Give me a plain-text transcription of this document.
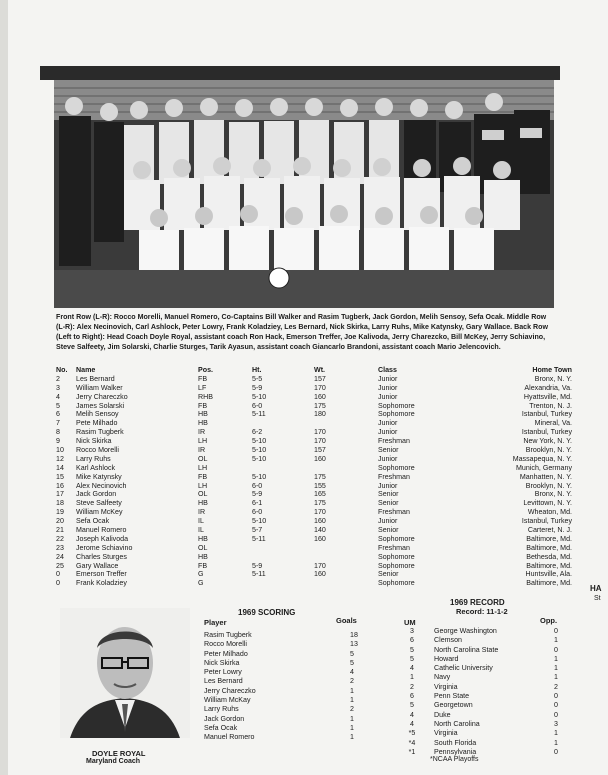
Front Row (L-R): Rocco Morelli, Manuel Romero, Co-Captains Bill Walker and Rasim Tugberk, Jack Gordon, Melih Sensoy, Sefa Ocak. Middle Row (L-R): Alex Necinovich, Carl Ashlock, Peter Lowry, Frank Koladziey, Les Bernard, Nick Skirka, Larry Ruhs, Mike Katynsky, Gary Wallace. Back Row (Left to Right): Head Coach Doyle Royal, assistant coach Ron Hack, Emerson Treffer, Joe Kalivoda, Jerry Charezcko, Bill McKey, Jerry Schiavino, Steve Salfeety, Jim Solarski, Charlie Sturges, Tarik Ayasun, assistant coach Giancarlo Brandoni, assistant coach Mario Jelencovich.
No.	Name	Pos.	Ht.	Wt.	Class	Home Town
2	Les Bernard	FB	5-5	157	Junior	Bronx, N. Y.
3	William Walker	LF	5-9	170	Junior	Alexandria, Va.
4	Jerry Chareczko	RHB	5-10	160	Junior	Hyattsville, Md.
5	James Solarski	FB	6-0	175	Sophomore	Trenton, N. J.
6	Melih Sensoy	HB	5-11	180	Sophomore	Istanbul, Turkey
7	Pete Milhado	HB	Junior	Mineral, Va.
8	Rasim Tugberk	IR	6-2	170	Junior	Istanbul, Turkey
9	Nick Skirka	LH	5-10	170	Freshman	New York, N. Y.
10	Rocco Morelli	IR	5-10	157	Senior	Brooklyn, N. Y.
12	Larry Ruhs	OL	5-10	160	Junior	Massapequa, N. Y.
14	Karl Ashlock	LH	Sophomore	Munich, Germany
15	Mike Katynsky	FB	5-10	175	Freshman	Manhatten, N. Y.
16	Alex Necinovich	LH	6-0	155	Junior	Brooklyn, N. Y.
17	Jack Gordon	OL	5-9	165	Senior	Bronx, N. Y.
18	Steve Salfeety	HB	6-1	175	Senior	Levittown, N. Y.
19	William McKey	IR	6-0	170	Freshman	Wheaton, Md.
20	Sefa Ocak	IL	5-10	160	Junior	Istanbul, Turkey
21	Manuel Romero	IL	5-7	140	Senior	Carteret, N. J.
22	Joseph Kalivoda	HB	5-11	160	Sophomore	Baltimore, Md.
23	Jerome Schiavino	OL	Freshman	Baltimore, Md.
24	Charles Sturges	HB	Sophomore	Bethesda, Md.
25	Gary Wallace	FB	5-9	170	Sophomore	Baltimore, Md.
0	Emerson Treffer	G	5-11	160	Senior	Huntsville, Ala.
0	Frank Koladziey	G	Sophomore	Baltimore, Md.
HA
St
DOYLE ROYAL
Maryland Coach
1969 SCORING
Player	Goals
Rasim Tugberk	18
Rocco Morelli	13
Peter Milhado	5
Nick Skirka	5
Peter Lowry	4
Les Bernard	2
Jerry Chareczko	1
William McKay	1
Larry Ruhs	2
Jack Gordon	1
Sefa Ocak	1
Manuel Romero	1
1969 RECORD
Record: 11-1-2
UM	Opp.
3	George Washington	0
6	Clemson	1
5	North Carolina State	0
5	Howard	1
4	Cathelic University	1
1	Navy	1
2	Virginia	2
6	Penn State	0
5	Georgetown	0
4	Duke	0
4	North Carolina	3
*5	Virginia	1
*4	South Florida	1
*1	Pennsylvania	0
*NCAA Playoffs
